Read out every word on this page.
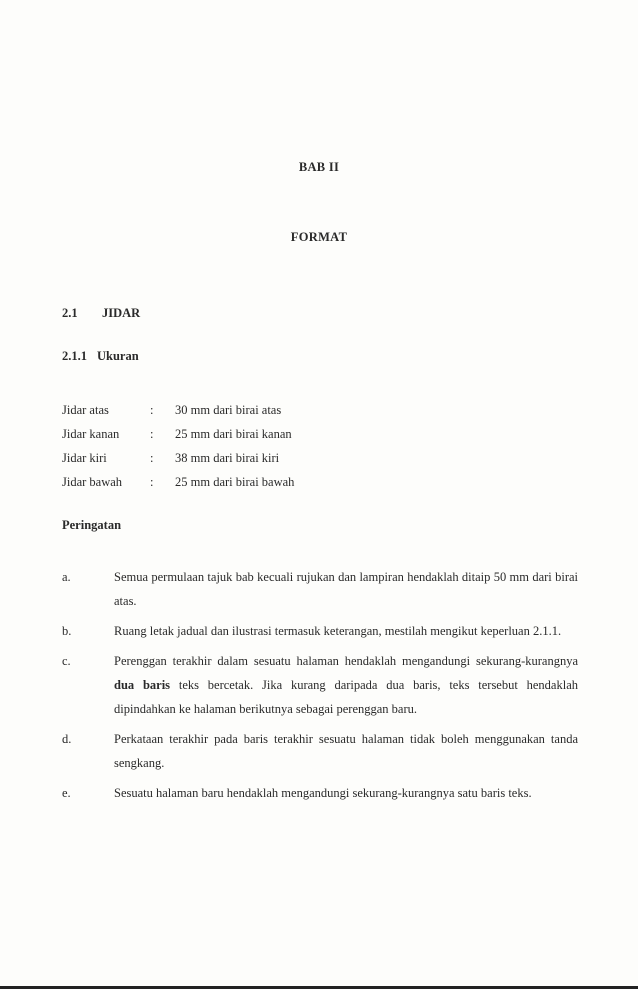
BAB II
FORMAT
2.1 JIDAR
2.1.1 Ukuran
Jidar atas	: 30 mm dari birai atas
Jidar kanan : 25 mm dari birai kanan
Jidar kiri	: 38 mm dari birai kiri
Jidar bawah : 25 mm dari birai bawah
Peringatan
a.	Semua permulaan tajuk bab kecuali rujukan dan lampiran hendaklah ditaip 50 mm dari birai atas.
b.	Ruang letak jadual dan ilustrasi termasuk keterangan, mestilah mengikut keperluan 2.1.1.
c.	Perenggan terakhir dalam sesuatu halaman hendaklah mengandungi sekurang-kurangnya dua baris teks bercetak. Jika kurang daripada dua baris, teks tersebut hendaklah dipindahkan ke halaman berikutnya sebagai perenggan baru.
d.	Perkataan terakhir pada baris terakhir sesuatu halaman tidak boleh menggunakan tanda sengkang.
e.	Sesuatu halaman baru hendaklah mengandungi sekurang-kurangnya satu baris teks.
